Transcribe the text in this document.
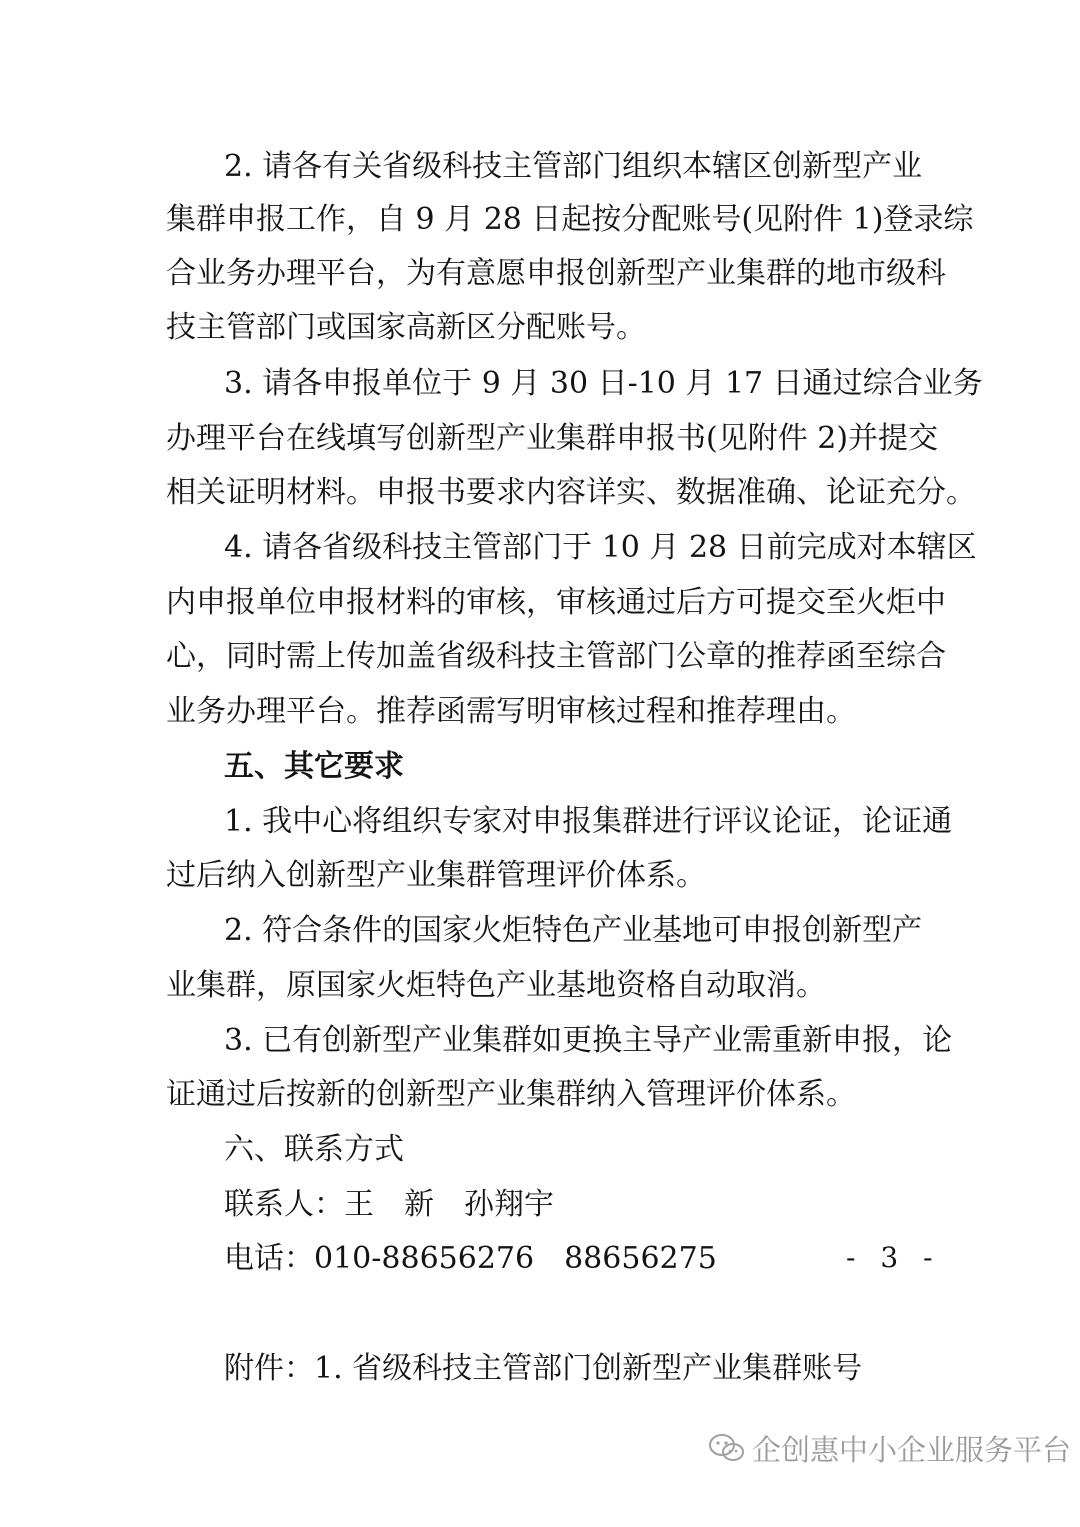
2. 请各有关省级科技主管部门组织本辖区创新型产业
集群申报工作，自 9 月 28 日起按分配账号(见附件 1)登录综
合业务办理平台，为有意愿申报创新型产业集群的地市级科
技主管部门或国家高新区分配账号。
3. 请各申报单位于 9 月 30 日-10 月 17 日通过综合业务
办理平台在线填写创新型产业集群申报书(见附件 2)并提交
相关证明材料。申报书要求内容详实、数据准确、论证充分。
4. 请各省级科技主管部门于 10 月 28 日前完成对本辖区
内申报单位申报材料的审核，审核通过后方可提交至火炬中
心，同时需上传加盖省级科技主管部门公章的推荐函至综合
业务办理平台。推荐函需写明审核过程和推荐理由。
五、其它要求
1. 我中心将组织专家对申报集群进行评议论证，论证通
过后纳入创新型产业集群管理评价体系。
2. 符合条件的国家火炬特色产业基地可申报创新型产
业集群，原国家火炬特色产业基地资格自动取消。
3. 已有创新型产业集群如更换主导产业需重新申报，论
证通过后按新的创新型产业集群纳入管理评价体系。
六、联系方式
联系人：王　新　孙翔宇
电话：010-88656276　88656275
附件：1. 省级科技主管部门创新型产业集群账号
- 3 -
企创惠中小企业服务平台
